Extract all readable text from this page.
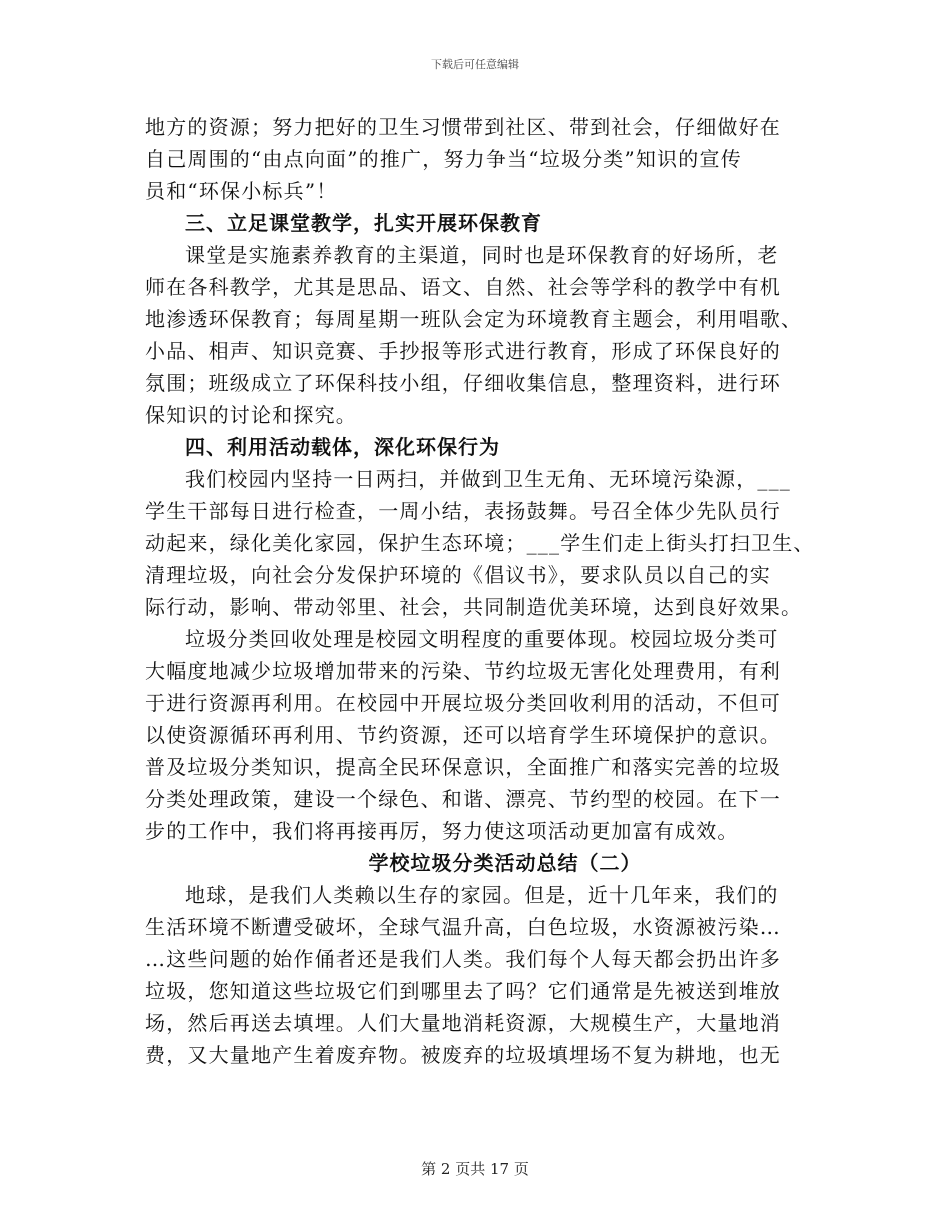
下载后可任意编辑
地方的资源；努力把好的卫生习惯带到社区、带到社会，仔细做好在
自己周围的“由点向面”的推广，努力争当“垃圾分类”知识的宣传
员和“环保小标兵”！
三、立足课堂教学，扎实开展环保教育
课堂是实施素养教育的主渠道，同时也是环保教育的好场所，老
师在各科教学，尤其是思品、语文、自然、社会等学科的教学中有机
地渗透环保教育；每周星期一班队会定为环境教育主题会，利用唱歌、
小品、相声、知识竞赛、手抄报等形式进行教育，形成了环保良好的
氛围；班级成立了环保科技小组，仔细收集信息，整理资料，进行环
保知识的讨论和探究。
四、利用活动载体，深化环保行为
我们校园内坚持一日两扫，并做到卫生无角、无环境污染源，___
学生干部每日进行检查，一周小结，表扬鼓舞。号召全体少先队员行
动起来，绿化美化家园，保护生态环境；___学生们走上街头打扫卫生、
清理垃圾，向社会分发保护环境的《倡议书》，要求队员以自己的实
际行动，影响、带动邻里、社会，共同制造优美环境，达到良好效果。
垃圾分类回收处理是校园文明程度的重要体现。校园垃圾分类可
大幅度地减少垃圾增加带来的污染、节约垃圾无害化处理费用，有利
于进行资源再利用。在校园中开展垃圾分类回收利用的活动，不但可
以使资源循环再利用、节约资源，还可以培育学生环境保护的意识。
普及垃圾分类知识，提高全民环保意识，全面推广和落实完善的垃圾
分类处理政策，建设一个绿色、和谐、漂亮、节约型的校园。在下一
步的工作中，我们将再接再厉，努力使这项活动更加富有成效。
学校垃圾分类活动总结（二）
地球，是我们人类赖以生存的家园。但是，近十几年来，我们的
生活环境不断遭受破坏，全球气温升高，白色垃圾，水资源被污染…
…这些问题的始作俑者还是我们人类。我们每个人每天都会扔出许多
垃圾，您知道这些垃圾它们到哪里去了吗？它们通常是先被送到堆放
场，然后再送去填埋。人们大量地消耗资源，大规模生产，大量地消
费，又大量地产生着废弃物。被废弃的垃圾填埋场不复为耕地，也无
第 2 页共 17 页
